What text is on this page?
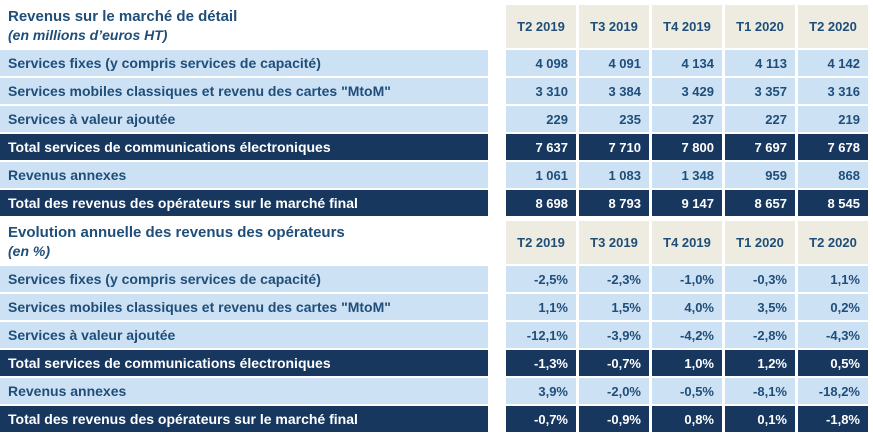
Revenus sur le marché de détail
(en millions d’euros HT)
T2 2019	T3 2019	T4 2019	T1 2020	T2 2020
Services fixes (y compris services de capacité)	4 098	4 091	4 134	4 113	4 142
Services mobiles classiques et revenu des cartes "MtoM"	3 310	3 384	3 429	3 357	3 316
Services à valeur ajoutée	229	235	237	227	219
Total services de communications électroniques	7 637	7 710	7 800	7 697	7 678
Revenus annexes	1 061	1 083	1 348	959	868
Total des revenus des opérateurs sur le marché final	8 698	8 793	9 147	8 657	8 545
Evolution annuelle des revenus des opérateurs
(en %)
T2 2019	T3 2019	T4 2019	T1 2020	T2 2020
Services fixes (y compris services de capacité)	-2,5%	-2,3%	-1,0%	-0,3%	1,1%
Services mobiles classiques et revenu des cartes "MtoM"	1,1%	1,5%	4,0%	3,5%	0,2%
Services à valeur ajoutée	-12,1%	-3,9%	-4,2%	-2,8%	-4,3%
Total services de communications électroniques	-1,3%	-0,7%	1,0%	1,2%	0,5%
Revenus annexes	3,9%	-2,0%	-0,5%	-8,1%	-18,2%
Total des revenus des opérateurs sur le marché final	-0,7%	-0,9%	0,8%	0,1%	-1,8%
